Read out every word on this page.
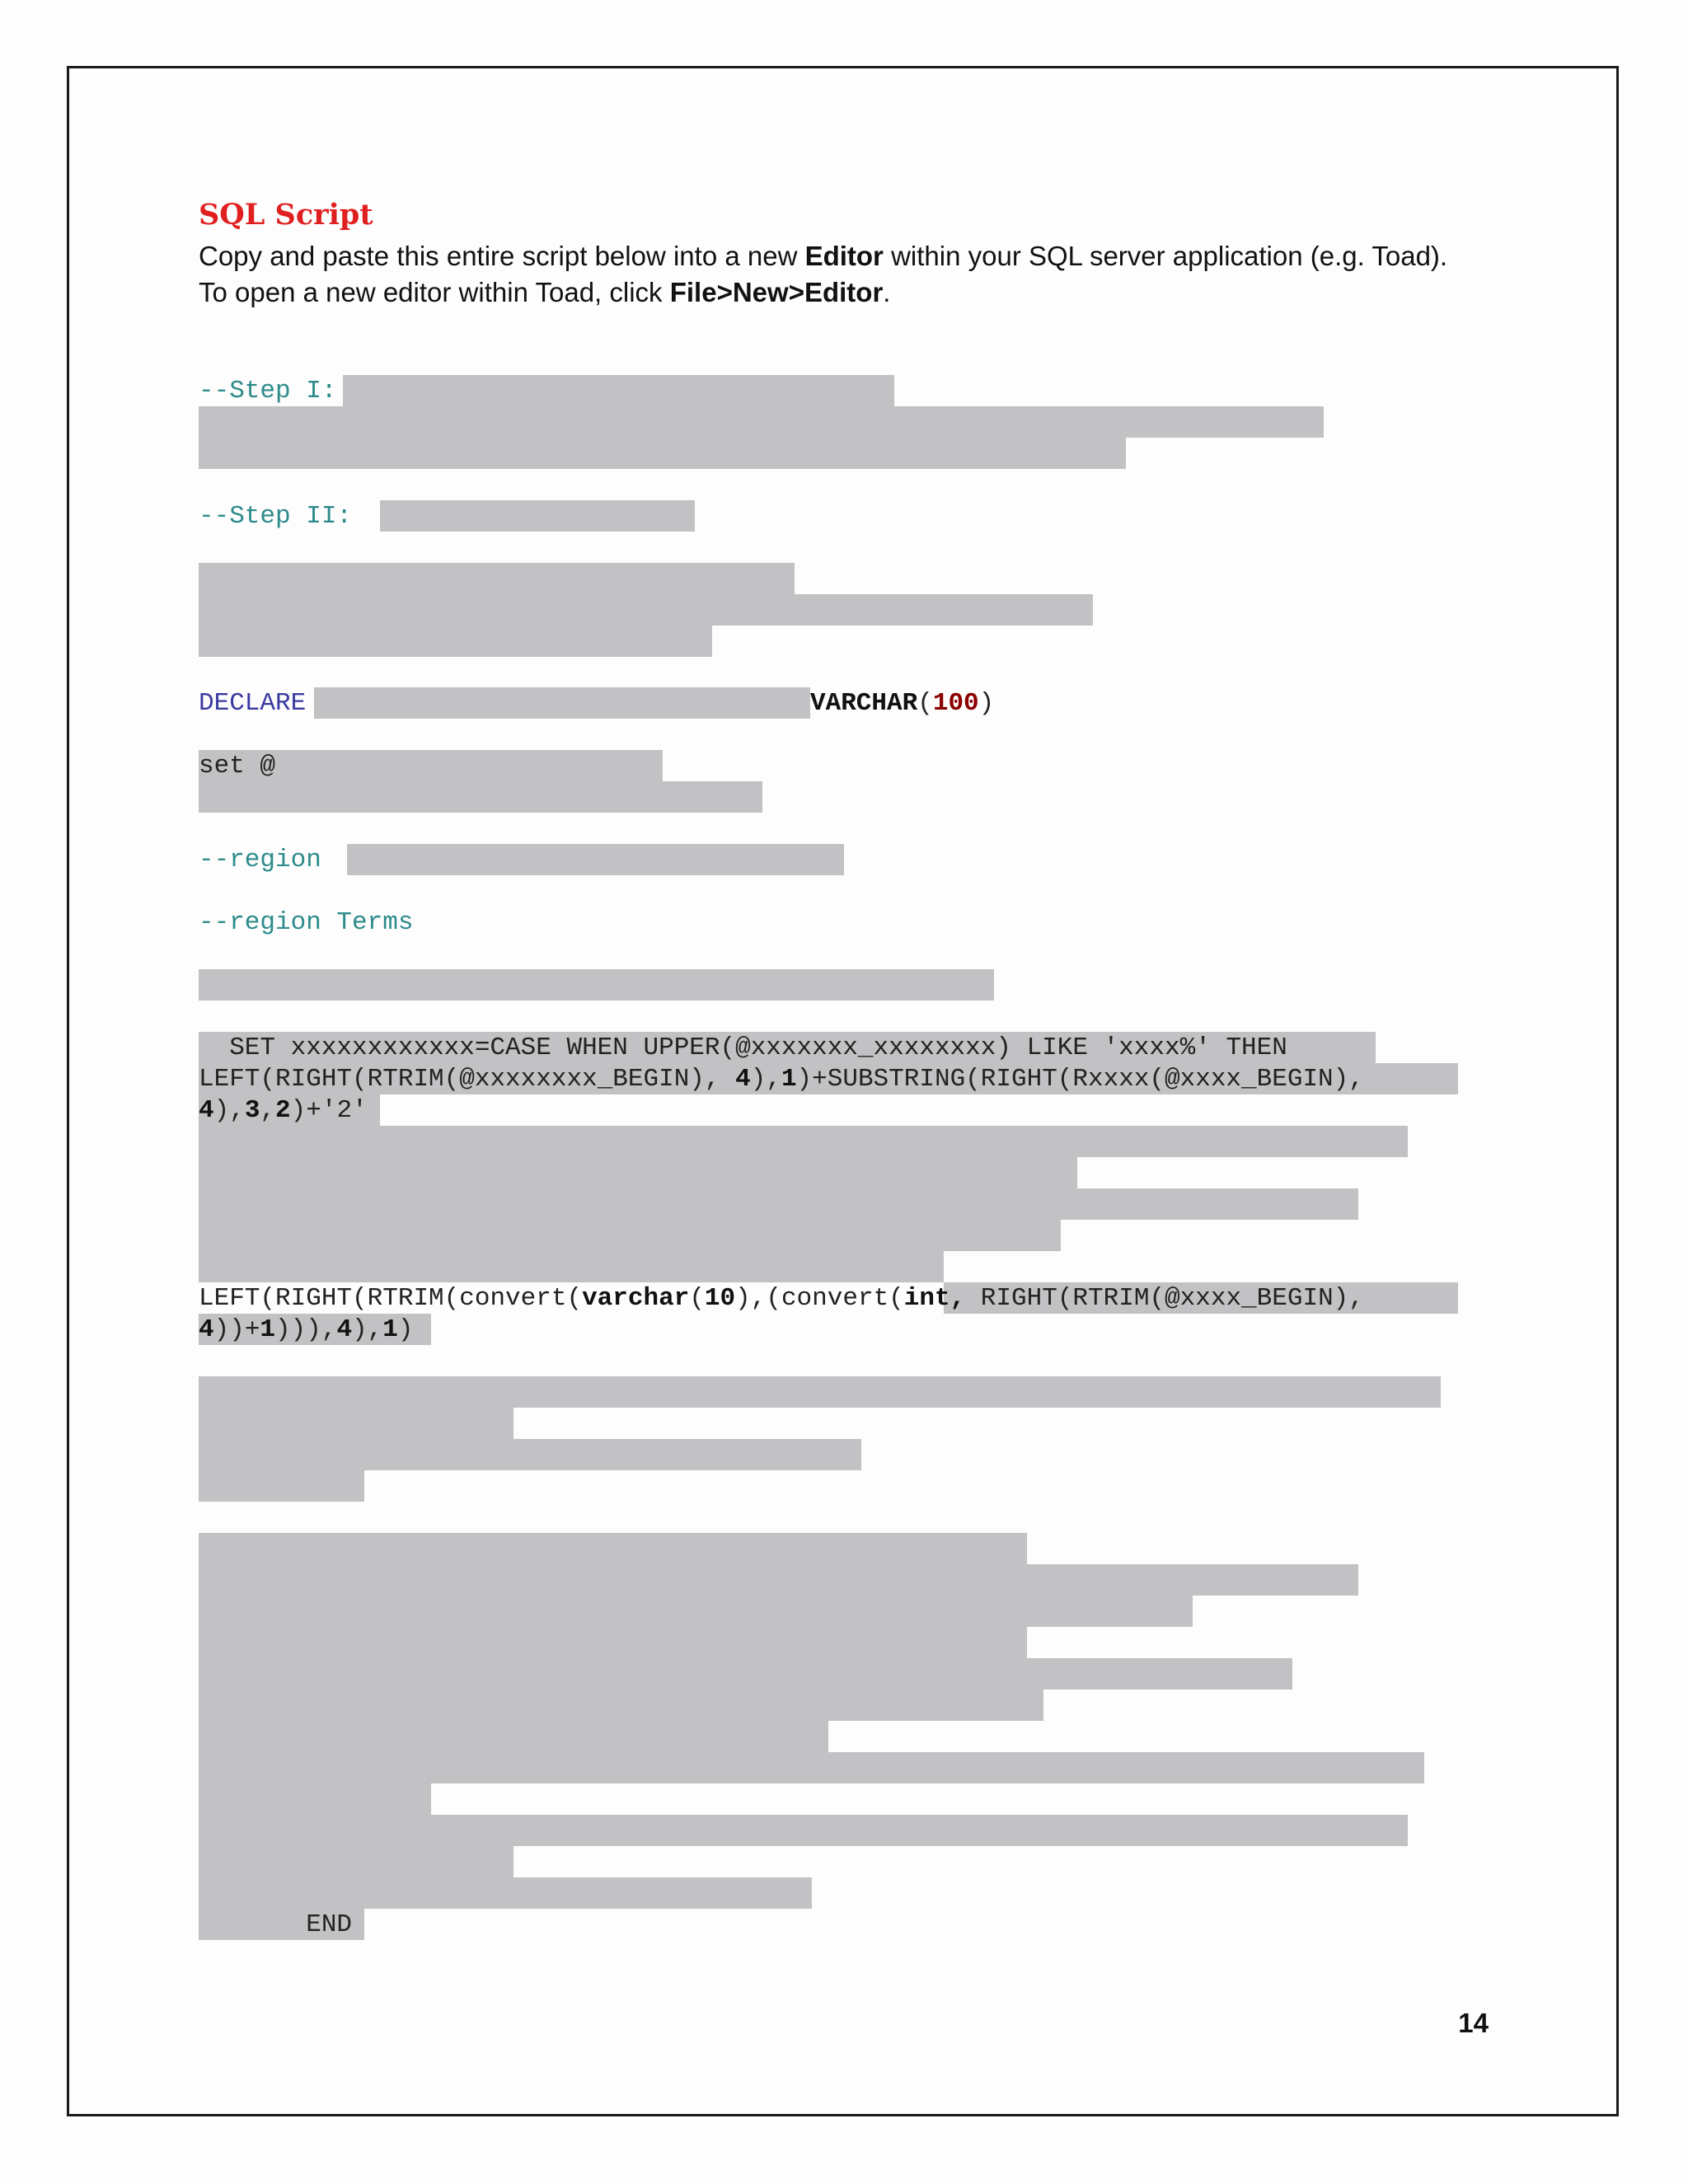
SQL Script
Copy and paste this entire script below into a new Editor within your SQL server application (e.g. Toad).
To open a new editor within Toad, click File>New>Editor.
--Step I:
--Step II:
DECLARE	VARCHAR(100)
set @
--region
--region Terms
SET xxxxxxxxxxxx=CASE WHEN UPPER(@xxxxxxx_xxxxxxxx) LIKE 'xxxx%' THEN
LEFT(RIGHT(RTRIM(@xxxxxxxx_BEGIN), 4),1)+SUBSTRING(RIGHT(Rxxxx(@xxxx_BEGIN),
4),3,2)+'2'
LEFT(RIGHT(RTRIM(convert(varchar(10),(convert(int, RIGHT(RTRIM(@xxxx_BEGIN),
4))+1))),4),1)
END
14
